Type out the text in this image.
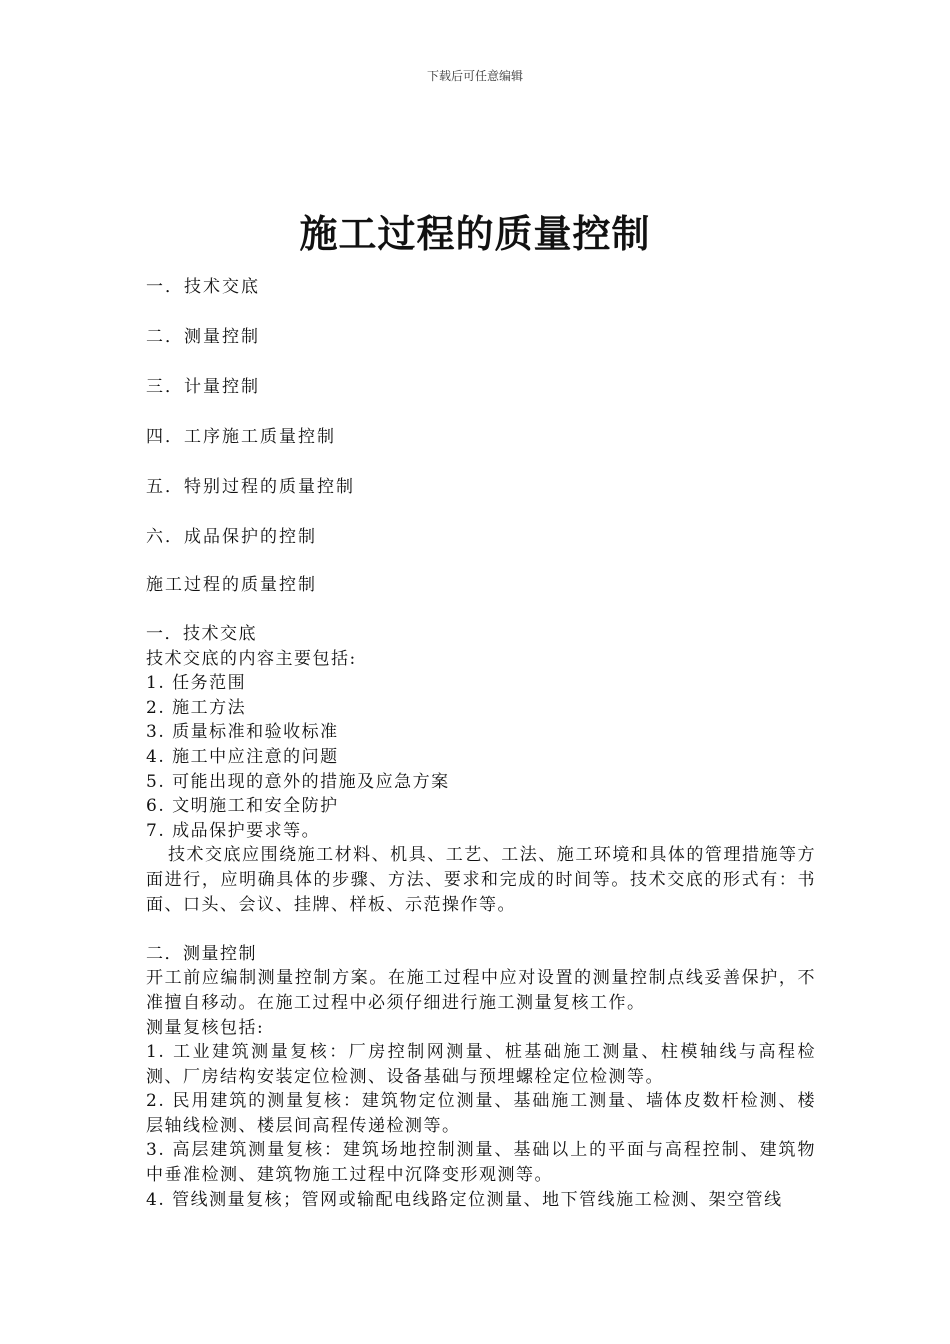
下载后可任意编辑
施工过程的质量控制
一．技术交底
二．测量控制
三．计量控制
四．工序施工质量控制
五．特别过程的质量控制
六．成品保护的控制
施工过程的质量控制
一．技术交底
技术交底的内容主要包括:
1. 任务范围
2. 施工方法
3. 质量标准和验收标准
4. 施工中应注意的问题
5. 可能出现的意外的措施及应急方案
6. 文明施工和安全防护
7. 成品保护要求等。
技术交底应围绕施工材料、机具、工艺、工法、施工环境和具体的管理措施等方面进行，应明确具体的步骤、方法、要求和完成的时间等。技术交底的形式有：书面、口头、会议、挂牌、样板、示范操作等。
二．测量控制
开工前应编制测量控制方案。在施工过程中应对设置的测量控制点线妥善保护，不准擅自移动。在施工过程中必须仔细进行施工测量复核工作。
测量复核包括:
1. 工业建筑测量复核：厂房控制网测量、桩基础施工测量、柱模轴线与高程检测、厂房结构安装定位检测、设备基础与预埋螺栓定位检测等。
2. 民用建筑的测量复核：建筑物定位测量、基础施工测量、墙体皮数杆检测、楼层轴线检测、楼层间高程传递检测等。
3. 高层建筑测量复核：建筑场地控制测量、基础以上的平面与高程控制、建筑物中垂准检测、建筑物施工过程中沉降变形观测等。
4. 管线测量复核；管网或输配电线路定位测量、地下管线施工检测、架空管线
